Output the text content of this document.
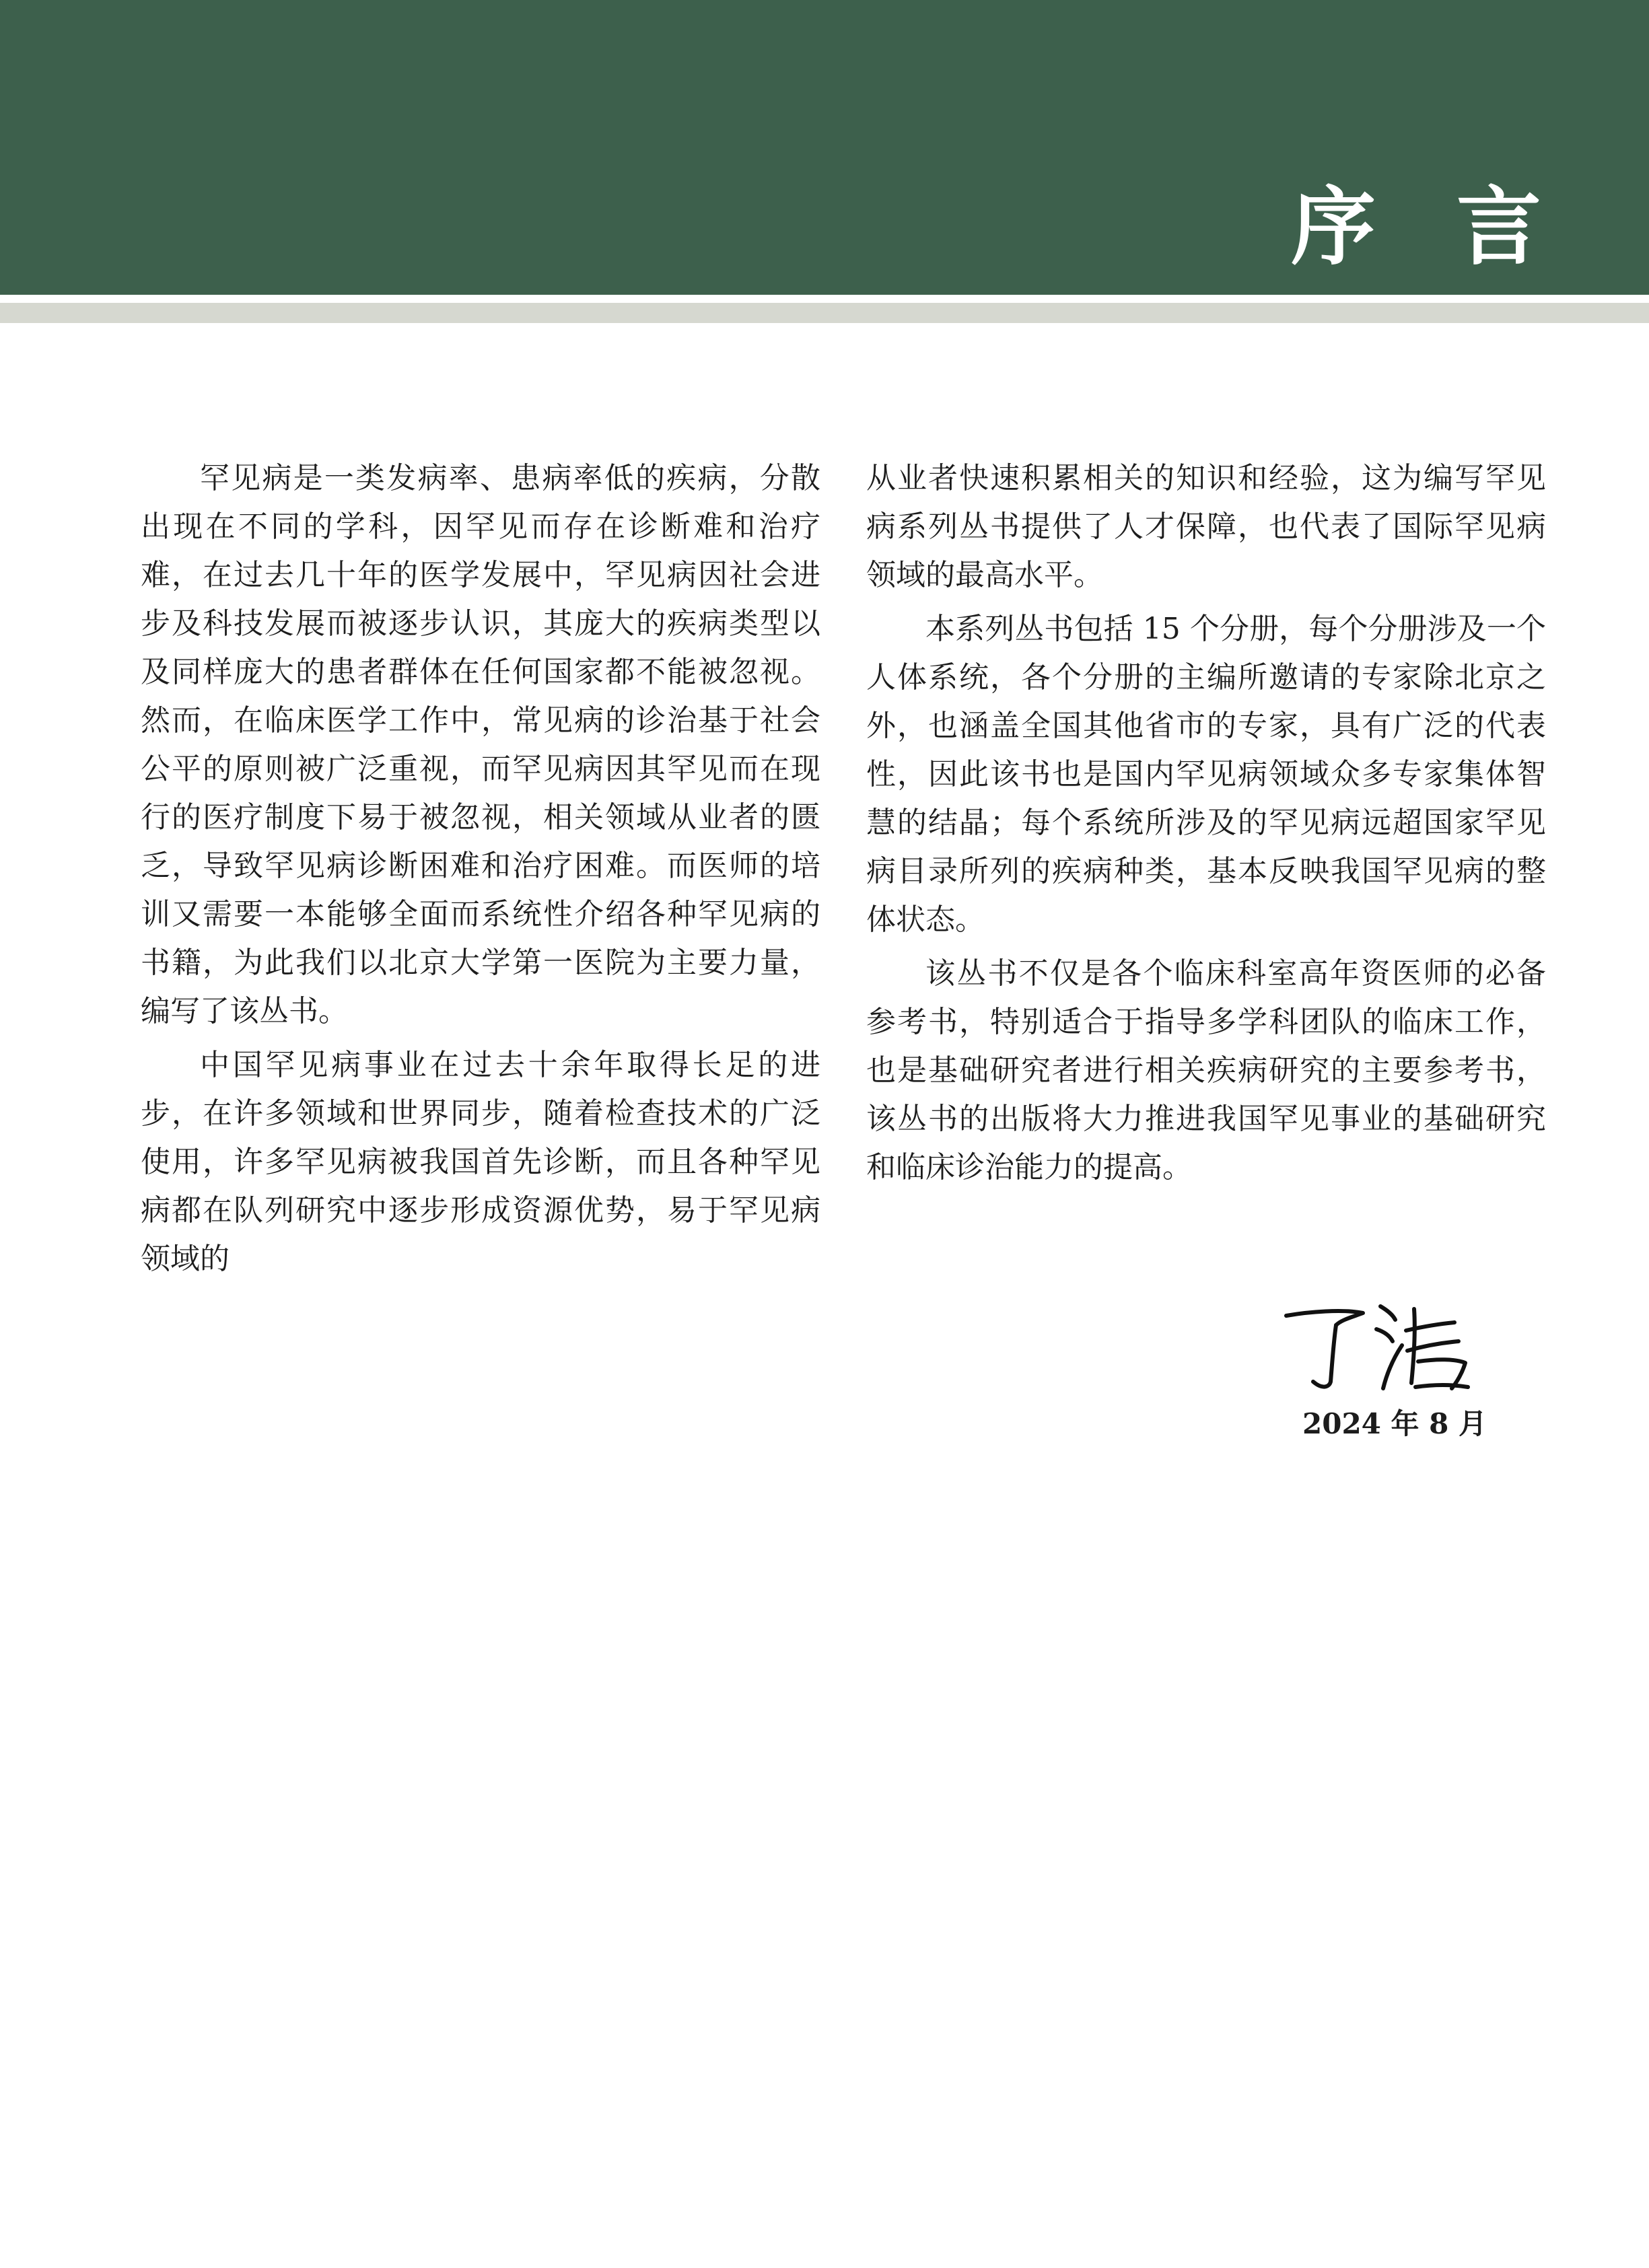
序言

罕见病是一类发病率、患病率低的疾病，分散出现在不同的学科，因罕见而存在诊断难和治疗难，在过去几十年的医学发展中，罕见病因社会进步及科技发展而被逐步认识，其庞大的疾病类型以及同样庞大的患者群体在任何国家都不能被忽视。然而，在临床医学工作中，常见病的诊治基于社会公平的原则被广泛重视，而罕见病因其罕见而在现行的医疗制度下易于被忽视，相关领域从业者的匮乏，导致罕见病诊断困难和治疗困难。而医师的培训又需要一本能够全面而系统性介绍各种罕见病的书籍，为此我们以北京大学第一医院为主要力量，编写了该丛书。

中国罕见病事业在过去十余年取得长足的进步，在许多领域和世界同步，随着检查技术的广泛使用，许多罕见病被我国首先诊断，而且各种罕见病都在队列研究中逐步形成资源优势，易于罕见病领域的

从业者快速积累相关的知识和经验，这为编写罕见病系列丛书提供了人才保障，也代表了国际罕见病领域的最高水平。

本系列丛书包括 15 个分册，每个分册涉及一个人体系统，各个分册的主编所邀请的专家除北京之外，也涵盖全国其他省市的专家，具有广泛的代表性，因此该书也是国内罕见病领域众多专家集体智慧的结晶；每个系统所涉及的罕见病远超国家罕见病目录所列的疾病种类，基本反映我国罕见病的整体状态。

该丛书不仅是各个临床科室高年资医师的必备参考书，特别适合于指导多学科团队的临床工作，也是基础研究者进行相关疾病研究的主要参考书，该丛书的出版将大力推进我国罕见事业的基础研究和临床诊治能力的提高。

2024 年 8 月
